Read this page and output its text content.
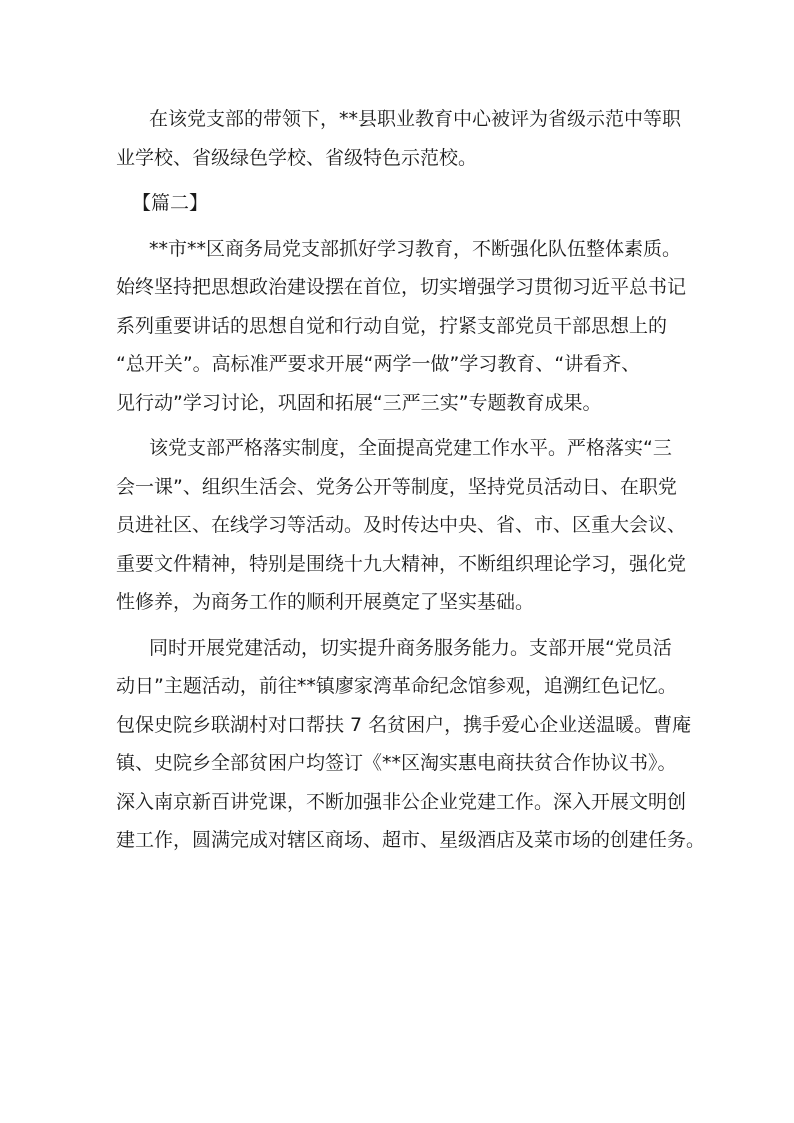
在该党支部的带领下，**县职业教育中心被评为省级示范中等职
业学校、省级绿色学校、省级特色示范校。
【篇二】
**市**区商务局党支部抓好学习教育，不断强化队伍整体素质。
始终坚持把思想政治建设摆在首位，切实增强学习贯彻习近平总书记
系列重要讲话的思想自觉和行动自觉，拧紧支部党员干部思想上的
“总开关”。高标准严要求开展“两学一做”学习教育、“讲看齐、
见行动”学习讨论，巩固和拓展“三严三实”专题教育成果。
该党支部严格落实制度，全面提高党建工作水平。严格落实“三
会一课”、组织生活会、党务公开等制度，坚持党员活动日、在职党
员进社区、在线学习等活动。及时传达中央、省、市、区重大会议、
重要文件精神，特别是围绕十九大精神，不断组织理论学习，强化党
性修养，为商务工作的顺利开展奠定了坚实基础。
同时开展党建活动，切实提升商务服务能力。支部开展“党员活
动日”主题活动，前往**镇廖家湾革命纪念馆参观，追溯红色记忆。
包保史院乡联湖村对口帮扶 7 名贫困户，携手爱心企业送温暖。曹庵
镇、史院乡全部贫困户均签订《**区淘实惠电商扶贫合作协议书》。
深入南京新百讲党课，不断加强非公企业党建工作。深入开展文明创
建工作，圆满完成对辖区商场、超市、星级酒店及菜市场的创建任务。
